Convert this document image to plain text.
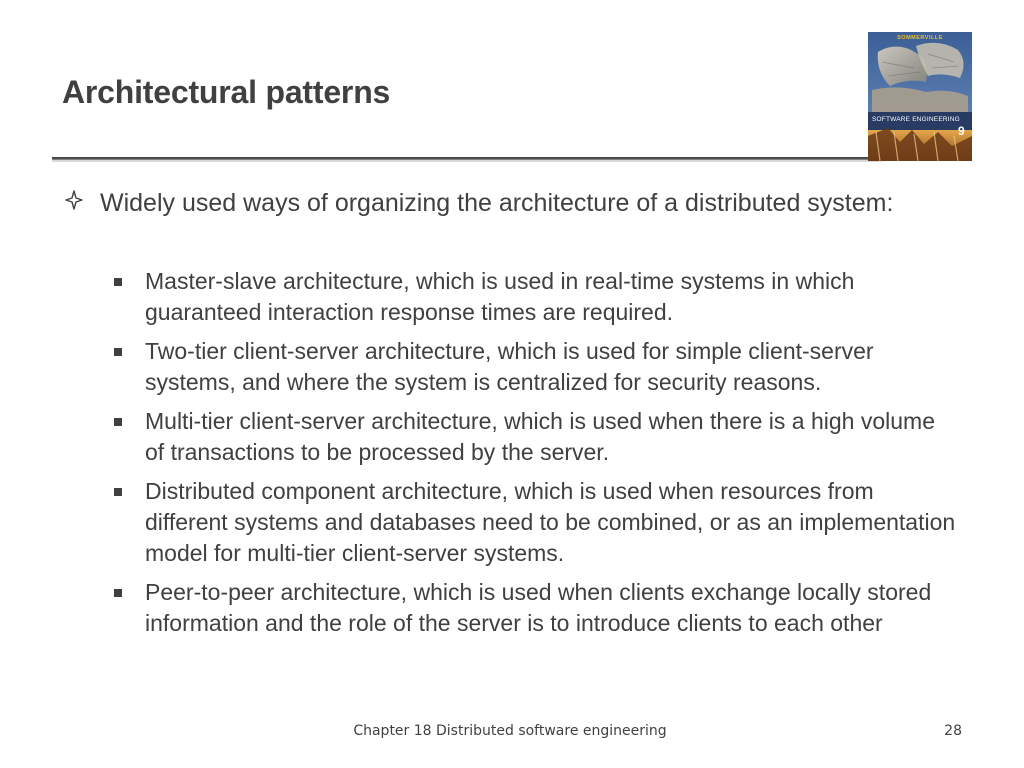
Architectural patterns
SOMMERVILLE
SOFTWARE ENGINEERING
9
Widely used ways of organizing the architecture of a distributed system:
Master-slave architecture, which is used in real-time systems in which guaranteed interaction response times are required.
Two-tier client-server architecture, which is used for simple client-server systems, and where the system is centralized for security reasons.
Multi-tier client-server architecture, which is used when there is a high volume of transactions to be processed by the server.
Distributed component architecture, which is used when resources from different systems and databases need to be combined, or as an implementation model for multi-tier client-server systems.
Peer-to-peer architecture, which is used when clients exchange locally stored information and the role of the server is to introduce clients to each other
Chapter 18 Distributed software engineering	28
